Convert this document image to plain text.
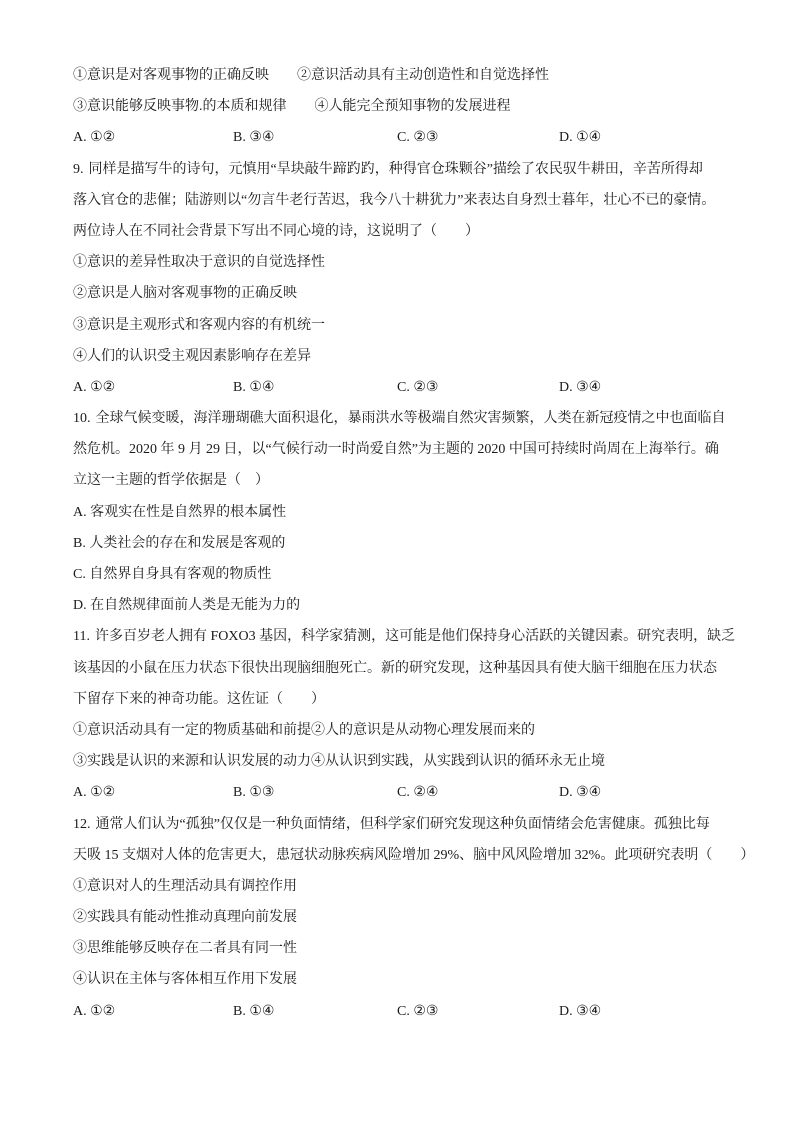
①意识是对客观事物的正确反映 ②意识活动具有主动创造性和自觉选择性
③意识能够反映事物.的本质和规律 ④人能完全预知事物的发展进程
A. ①②	B. ③④	C. ②③	D. ①④
9. 同样是描写牛的诗句，元慎用“旱块敲牛蹄趵趵，种得官仓珠颗谷”描绘了农民驭牛耕田，辛苦所得却
落入官仓的悲催；陆游则以“勿言牛老行苦迟，我今八十耕犹力”来表达自身烈士暮年，壮心不已的豪情。
两位诗人在不同社会背景下写出不同心境的诗，这说明了（　　）
①意识的差异性取决于意识的自觉选择性
②意识是人脑对客观事物的正确反映
③意识是主观形式和客观内容的有机统一
④人们的认识受主观因素影响存在差异
A. ①②	B. ①④	C. ②③	D. ③④
10. 全球气候变暖，海洋珊瑚礁大面积退化，暴雨洪水等极端自然灾害频繁，人类在新冠疫情之中也面临自
然危机。2020 年 9 月 29 日，以“气候行动一时尚爱自然”为主题的 2020 中国可持续时尚周在上海举行。确
立这一主题的哲学依据是（　）
A. 客观实在性是自然界的根本属性
B. 人类社会的存在和发展是客观的
C. 自然界自身具有客观的物质性
D. 在自然规律面前人类是无能为力的
11. 许多百岁老人拥有 FOXO3 基因，科学家猜测，这可能是他们保持身心活跃的关键因素。研究表明，缺乏
该基因的小鼠在压力状态下很快出现脑细胞死亡。新的研究发现，这种基因具有使大脑干细胞在压力状态
下留存下来的神奇功能。这佐证（　　）
①意识活动具有一定的物质基础和前提②人的意识是从动物心理发展而来的
③实践是认识的来源和认识发展的动力④从认识到实践，从实践到认识的循环永无止境
A. ①②	B. ①③	C. ②④	D. ③④
12. 通常人们认为“孤独”仅仅是一种负面情绪，但科学家们研究发现这种负面情绪会危害健康。孤独比每
天吸 15 支烟对人体的危害更大，患冠状动脉疾病风险增加 29%、脑中风风险增加 32%。此项研究表明（　　）
①意识对人的生理活动具有调控作用
②实践具有能动性推动真理向前发展
③思维能够反映存在二者具有同一性
④认识在主体与客体相互作用下发展
A. ①②	B. ①④	C. ②③	D. ③④
